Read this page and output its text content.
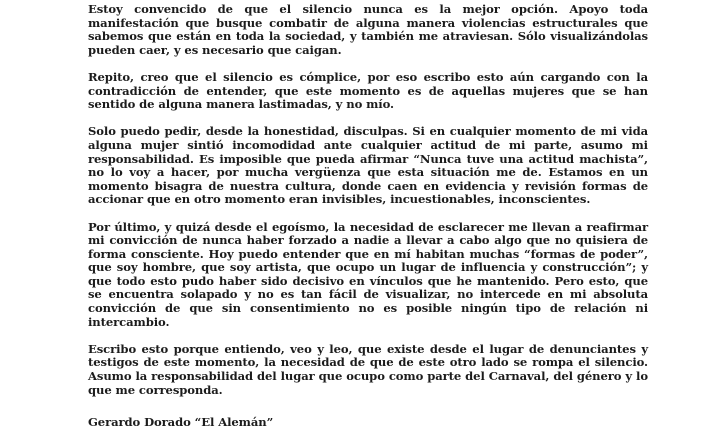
Estoy convencido de que el silencio nunca es la mejor opción. Apoyo toda manifestación que busque combatir de alguna manera violencias estructurales que sabemos que están en toda la sociedad, y también me atraviesan. Sólo visualizándolas pueden caer, y es necesario que caigan.

Repito, creo que el silencio es cómplice, por eso escribo esto aún cargando con la contradicción de entender, que este momento es de aquellas mujeres que se han sentido de alguna manera lastimadas, y no mío.

Solo puedo pedir, desde la honestidad, disculpas. Si en cualquier momento de mi vida alguna mujer sintió incomodidad ante cualquier actitud de mi parte, asumo mi responsabilidad. Es imposible que pueda afirmar “Nunca tuve una actitud machista”, no lo voy a hacer, por mucha vergüenza que esta situación me de. Estamos en un momento bisagra de nuestra cultura, donde caen en evidencia y revisión formas de accionar que en otro momento eran invisibles, incuestionables, inconscientes.

Por último, y quizá desde el egoísmo, la necesidad de esclarecer me llevan a reafirmar mi convicción de nunca haber forzado a nadie a llevar a cabo algo que no quisiera de forma consciente. Hoy puedo entender que en mí habitan muchas “formas de poder”, que soy hombre, que soy artista, que ocupo un lugar de influencia y construcción”; y que todo esto pudo haber sido decisivo en vínculos que he mantenido. Pero esto, que se encuentra solapado y no es tan fácil de visualizar, no intercede en mi absoluta convicción de que sin consentimiento no es posible ningún tipo de relación ni intercambio.

Escribo esto porque entiendo, veo y leo, que existe desde el lugar de denunciantes y testigos de este momento, la necesidad de que de este otro lado se rompa el silencio. Asumo la responsabilidad del lugar que ocupo como parte del Carnaval, del género y lo que me corresponda.

Gerardo Dorado “El Alemán”
